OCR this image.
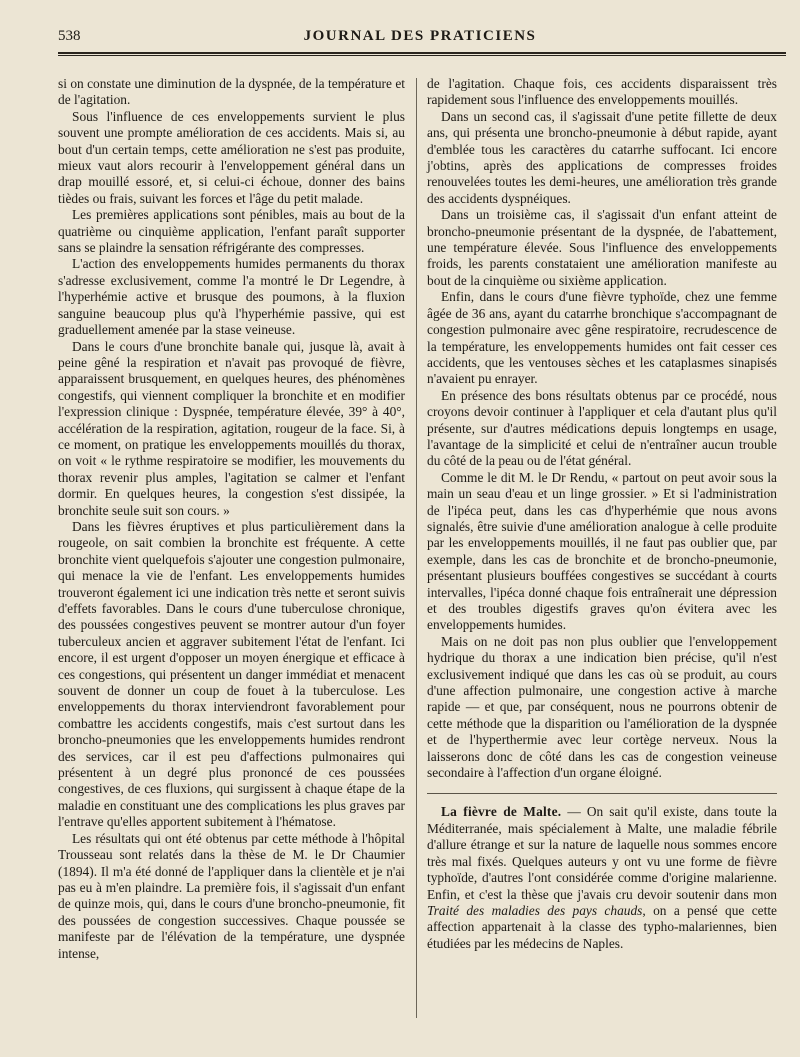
538	JOURNAL DES PRATICIENS

si on constate une diminution de la dyspnée, de la température et de l'agitation.

Sous l'influence de ces enveloppements survient le plus souvent une prompte amélioration de ces accidents. Mais si, au bout d'un certain temps, cette amélioration ne s'est pas produite, mieux vaut alors recourir à l'enveloppement général dans un drap mouillé essoré, et, si celui-ci échoue, donner des bains tièdes ou frais, suivant les forces et l'âge du petit malade.

Les premières applications sont pénibles, mais au bout de la quatrième ou cinquième application, l'enfant paraît supporter sans se plaindre la sensation réfrigérante des compresses.

L'action des enveloppements humides permanents du thorax s'adresse exclusivement, comme l'a montré le Dr Legendre, à l'hyperhémie active et brusque des poumons, à la fluxion sanguine beaucoup plus qu'à l'hyperhémie passive, qui est graduellement amenée par la stase veineuse.

Dans le cours d'une bronchite banale qui, jusque là, avait à peine gêné la respiration et n'avait pas provoqué de fièvre, apparaissent brusquement, en quelques heures, des phénomènes congestifs, qui viennent compliquer la bronchite et en modifier l'expression clinique : Dyspnée, température élevée, 39° à 40°, accélération de la respiration, agitation, rougeur de la face. Si, à ce moment, on pratique les enveloppements mouillés du thorax, on voit « le rythme respiratoire se modifier, les mouvements du thorax revenir plus amples, l'agitation se calmer et l'enfant dormir. En quelques heures, la congestion s'est dissipée, la bronchite seule suit son cours. »

Dans les fièvres éruptives et plus particulièrement dans la rougeole, on sait combien la bronchite est fréquente. A cette bronchite vient quelquefois s'ajouter une congestion pulmonaire, qui menace la vie de l'enfant. Les enveloppements humides trouveront également ici une indication très nette et seront suivis d'effets favorables. Dans le cours d'une tuberculose chronique, des poussées congestives peuvent se montrer autour d'un foyer tuberculeux ancien et aggraver subitement l'état de l'enfant. Ici encore, il est urgent d'opposer un moyen énergique et efficace à ces congestions, qui présentent un danger immédiat et menacent souvent de donner un coup de fouet à la tuberculose. Les enveloppements du thorax interviendront favorablement pour combattre les accidents congestifs, mais c'est surtout dans les broncho-pneumonies que les enveloppements humides rendront des services, car il est peu d'affections pulmonaires qui présentent à un degré plus prononcé de ces poussées congestives, de ces fluxions, qui surgissent à chaque étape de la maladie en constituant une des complications les plus graves par l'entrave qu'elles apportent subitement à l'hématose.

Les résultats qui ont été obtenus par cette méthode à l'hôpital Trousseau sont relatés dans la thèse de M. le Dr Chaumier (1894). Il m'a été donné de l'appliquer dans la clientèle et je n'ai pas eu à m'en plaindre. La première fois, il s'agissait d'un enfant de quinze mois, qui, dans le cours d'une broncho-pneumonie, fit des poussées de congestion successives. Chaque poussée se manifeste par de l'élévation de la température, une dyspnée intense,

de l'agitation. Chaque fois, ces accidents disparaissent très rapidement sous l'influence des enveloppements mouillés.

Dans un second cas, il s'agissait d'une petite fillette de deux ans, qui présenta une broncho-pneumonie à début rapide, ayant d'emblée tous les caractères du catarrhe suffocant. Ici encore j'obtins, après des applications de compresses froides renouvelées toutes les demi-heures, une amélioration très grande des accidents dyspnéiques.

Dans un troisième cas, il s'agissait d'un enfant atteint de broncho-pneumonie présentant de la dyspnée, de l'abattement, une température élevée. Sous l'influence des enveloppements froids, les parents constataient une amélioration manifeste au bout de la cinquième ou sixième application.

Enfin, dans le cours d'une fièvre typhoïde, chez une femme âgée de 36 ans, ayant du catarrhe bronchique s'accompagnant de congestion pulmonaire avec gêne respiratoire, recrudescence de la température, les enveloppements humides ont fait cesser ces accidents, que les ventouses sèches et les cataplasmes sinapisés n'avaient pu enrayer.

En présence des bons résultats obtenus par ce procédé, nous croyons devoir continuer à l'appliquer et cela d'autant plus qu'il présente, sur d'autres médications depuis longtemps en usage, l'avantage de la simplicité et celui de n'entraîner aucun trouble du côté de la peau ou de l'état général.

Comme le dit M. le Dr Rendu, « partout on peut avoir sous la main un seau d'eau et un linge grossier. » Et si l'administration de l'ipéca peut, dans les cas d'hyperhémie que nous avons signalés, être suivie d'une amélioration analogue à celle produite par les enveloppements mouillés, il ne faut pas oublier que, par exemple, dans les cas de bronchite et de broncho-pneumonie, présentant plusieurs bouffées congestives se succédant à courts intervalles, l'ipéca donné chaque fois entraînerait une dépression et des troubles digestifs graves qu'on évitera avec les enveloppements humides.

Mais on ne doit pas non plus oublier que l'enveloppement hydrique du thorax a une indication bien précise, qu'il n'est exclusivement indiqué que dans les cas où se produit, au cours d'une affection pulmonaire, une congestion active à marche rapide — et que, par conséquent, nous ne pourrons obtenir de cette méthode que la disparition ou l'amélioration de la dyspnée et de l'hyperthermie avec leur cortège nerveux. Nous la laisserons donc de côté dans les cas de congestion veineuse secondaire à l'affection d'un organe éloigné.

La fièvre de Malte. — On sait qu'il existe, dans toute la Méditerranée, mais spécialement à Malte, une maladie fébrile d'allure étrange et sur la nature de laquelle nous sommes encore très mal fixés. Quelques auteurs y ont vu une forme de fièvre typhoïde, d'autres l'ont considérée comme d'origine malarienne. Enfin, et c'est la thèse que j'avais cru devoir soutenir dans mon Traité des maladies des pays chauds, on a pensé que cette affection appartenait à la classe des typho-malariennes, bien étudiées par les médecins de Naples.
